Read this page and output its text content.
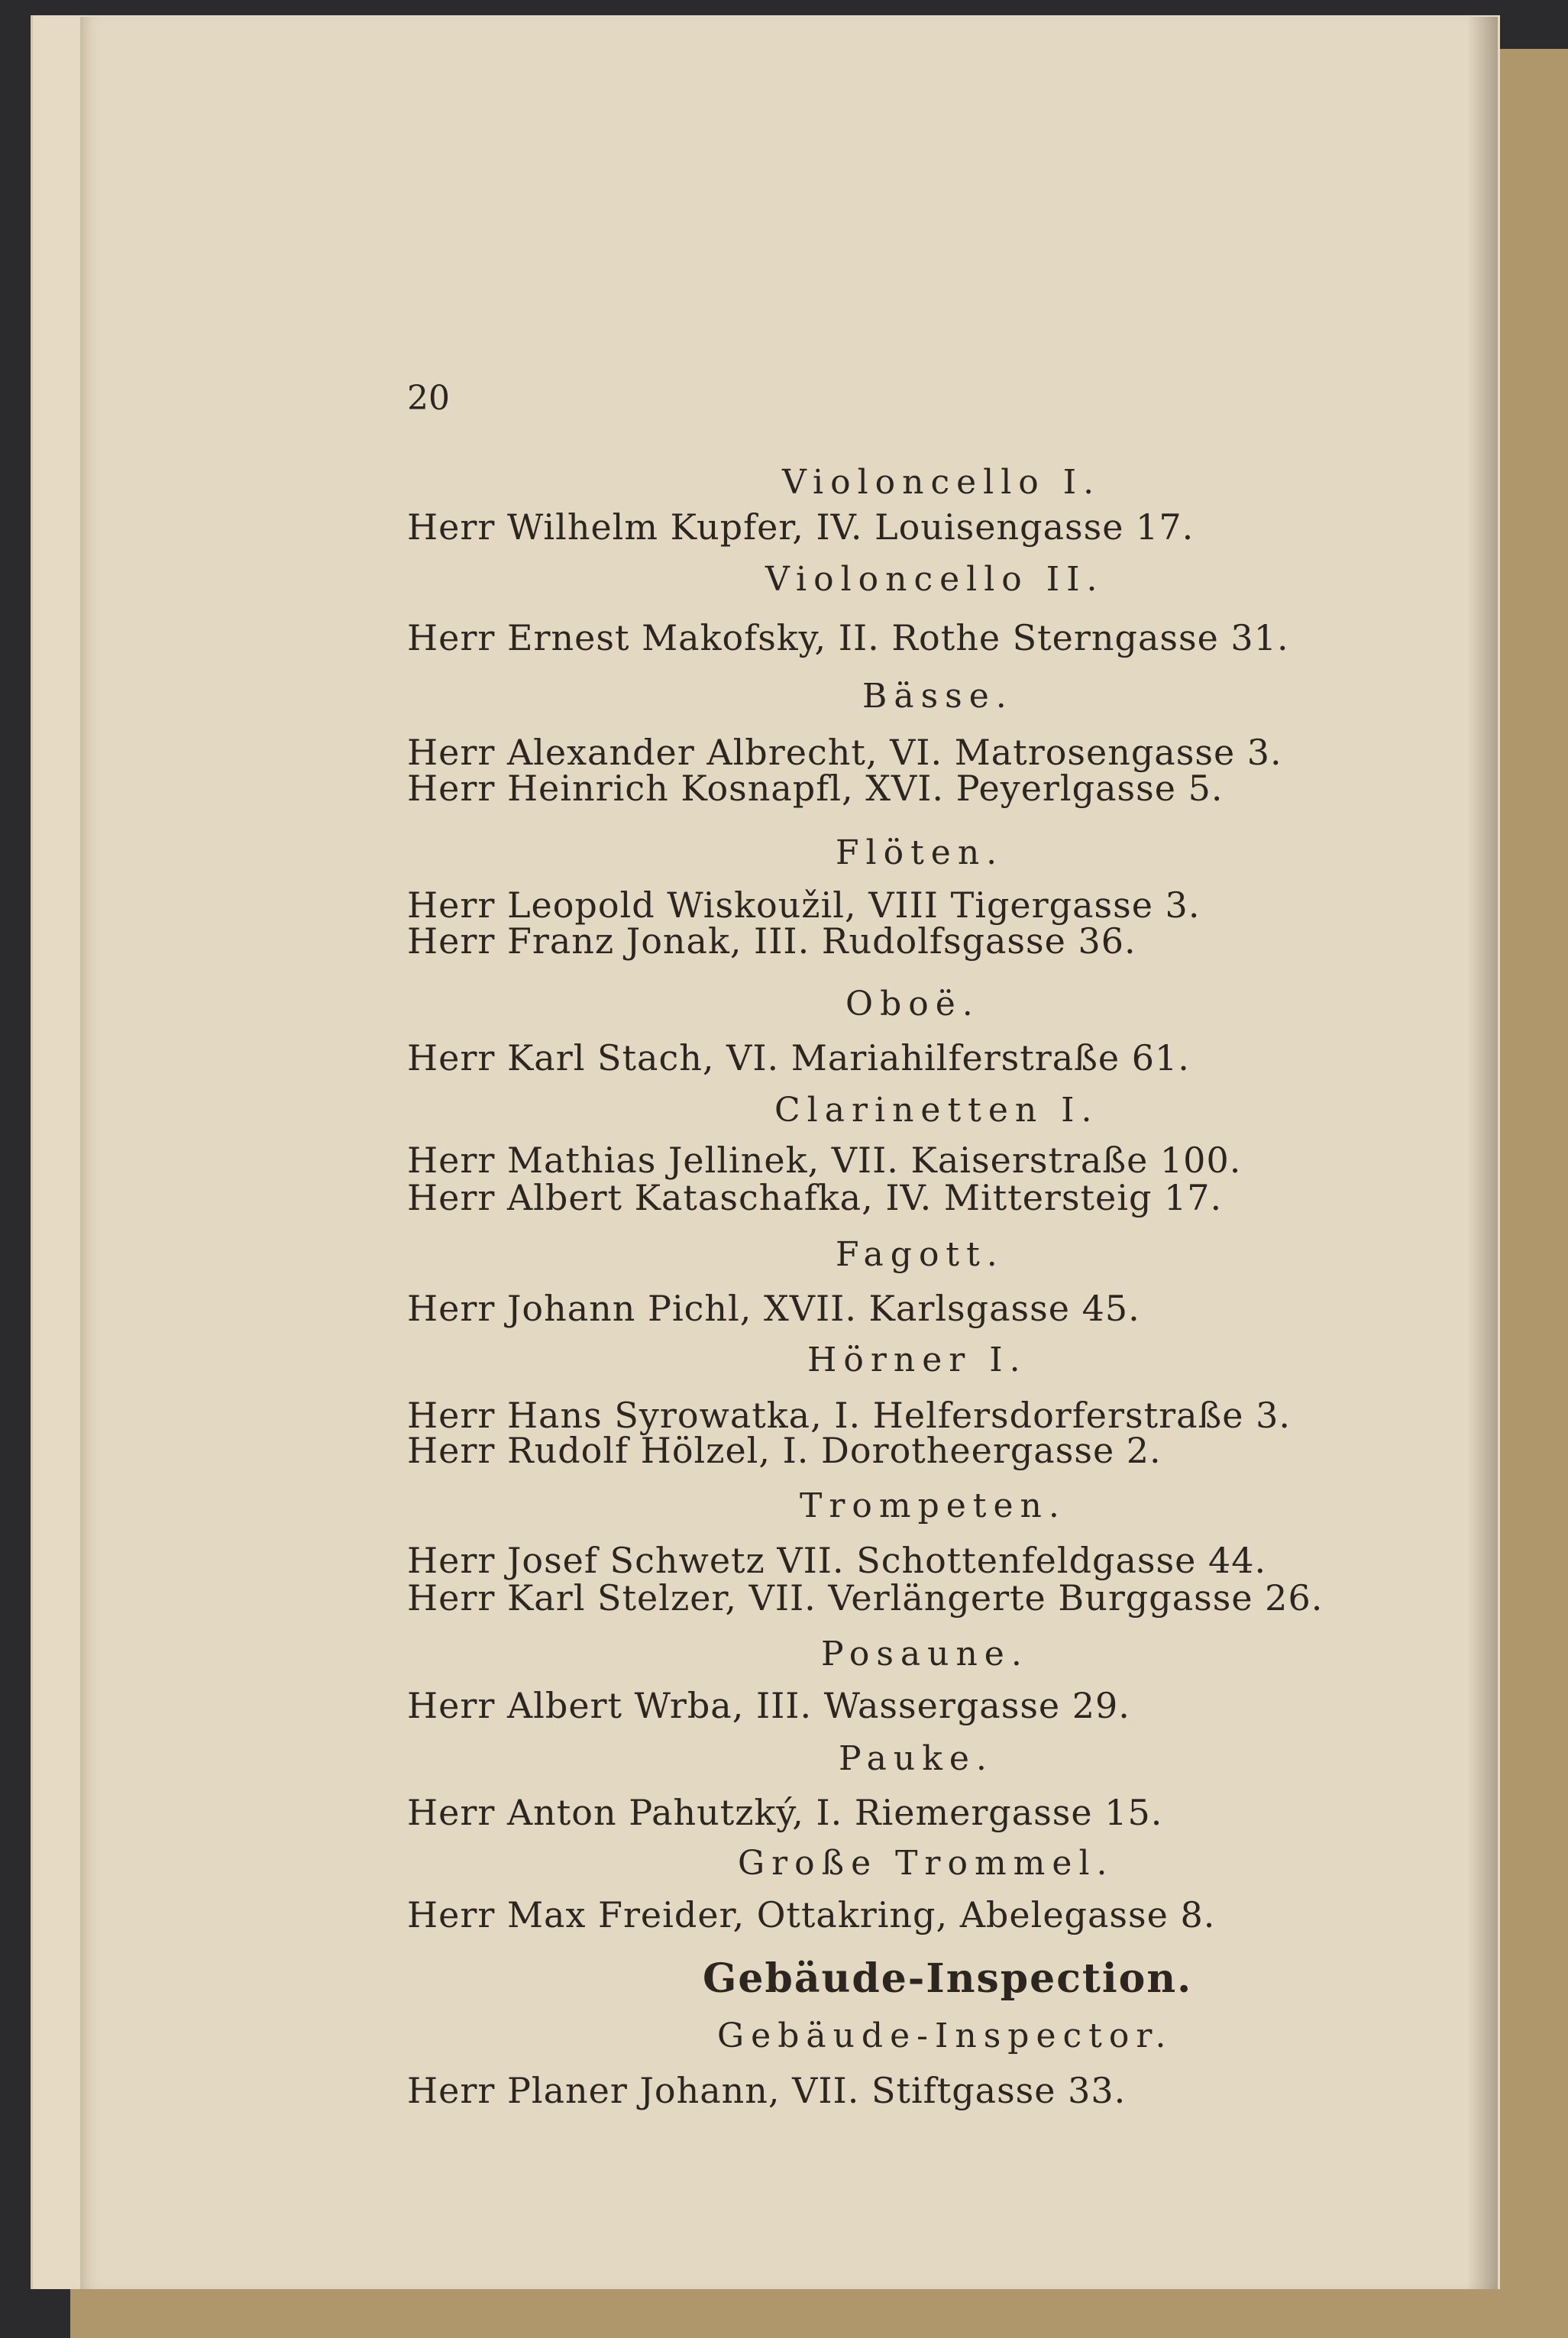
20
Violoncello I.
Herr Wilhelm Kupfer, IV. Louisengasse 17.
Violoncello II.
Herr Ernest Makofsky, II. Rothe Sterngasse 31.
Bässe.
Herr Alexander Albrecht, VI. Matrosengasse 3.
Herr Heinrich Kosnapfl, XVI. Peyerlgasse 5.
Flöten.
Herr Leopold Wiskoužil, VIII Tigergasse 3.
Herr Franz Jonak, III. Rudolfsgasse 36.
Oboë.
Herr Karl Stach, VI. Mariahilferstraße 61.
Clarinetten I.
Herr Mathias Jellinek, VII. Kaiserstraße 100.
Herr Albert Kataschafka, IV. Mittersteig 17.
Fagott.
Herr Johann Pichl, XVII. Karlsgasse 45.
Hörner I.
Herr Hans Syrowatka, I. Helfersdorferstraße 3.
Herr Rudolf Hölzel, I. Dorotheergasse 2.
Trompeten.
Herr Josef Schwetz VII. Schottenfeldgasse 44.
Herr Karl Stelzer, VII. Verlängerte Burggasse 26.
Posaune.
Herr Albert Wrba, III. Wassergasse 29.
Pauke.
Herr Anton Pahutzký, I. Riemergasse 15.
Große Trommel.
Herr Max Freider, Ottakring, Abelegasse 8.
Gebäude-Inspection.
Gebäude-Inspector.
Herr Planer Johann, VII. Stiftgasse 33.
